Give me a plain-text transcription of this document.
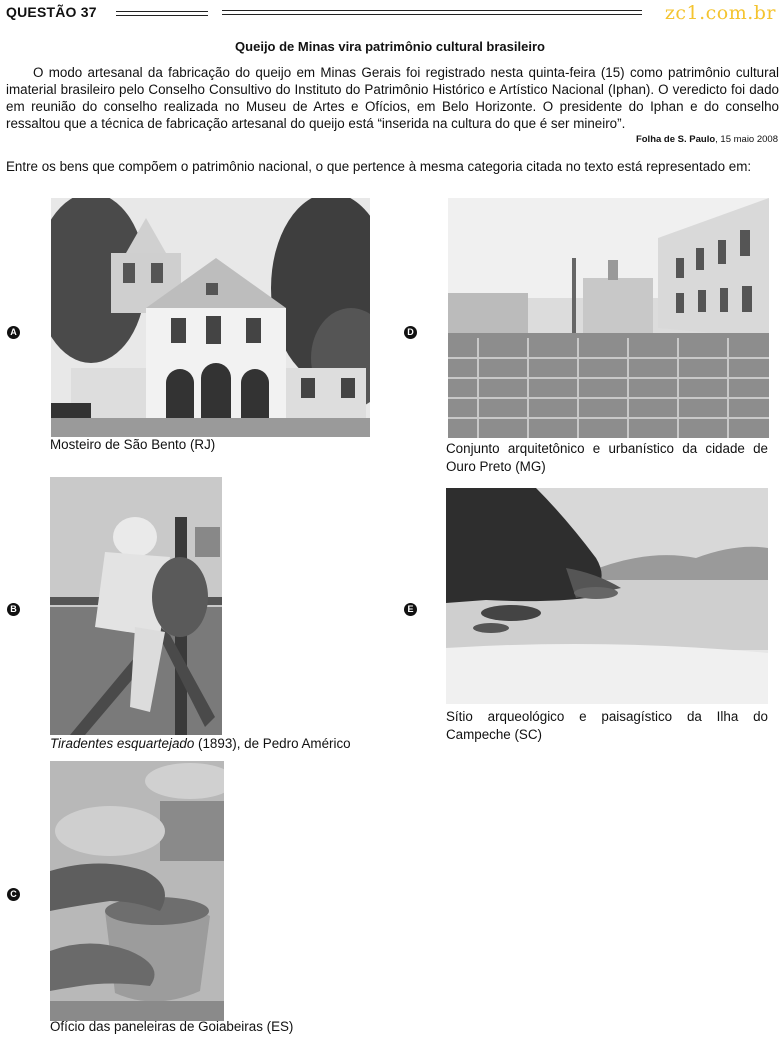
QUESTÃO 37	zc1.com.br
Queijo de Minas vira patrimônio cultural brasileiro

O modo artesanal da fabricação do queijo em Minas Gerais foi registrado nesta quinta-feira (15) como patrimônio cultural imaterial brasileiro pelo Conselho Consultivo do Instituto do Patrimônio Histórico e Artístico Nacional (Iphan). O veredicto foi dado em reunião do conselho realizada no Museu de Artes e Ofícios, em Belo Horizonte. O presidente do Iphan e do conselho ressaltou que a técnica de fabricação artesanal do queijo está “inserida na cultura do que é ser mineiro”.

Folha de S. Paulo, 15 maio 2008

Entre os bens que compõem o patrimônio nacional, o que pertence à mesma categoria citada no texto está representado em:

A

Mosteiro de São Bento (RJ)

D

Conjunto arquitetônico e urbanístico da cidade de Ouro Preto (MG)

B

Tiradentes esquartejado (1893), de Pedro Américo

E

Sítio arqueológico e paisagístico da Ilha do Campeche (SC)

C

Ofício das paneleiras de Goiabeiras (ES)
